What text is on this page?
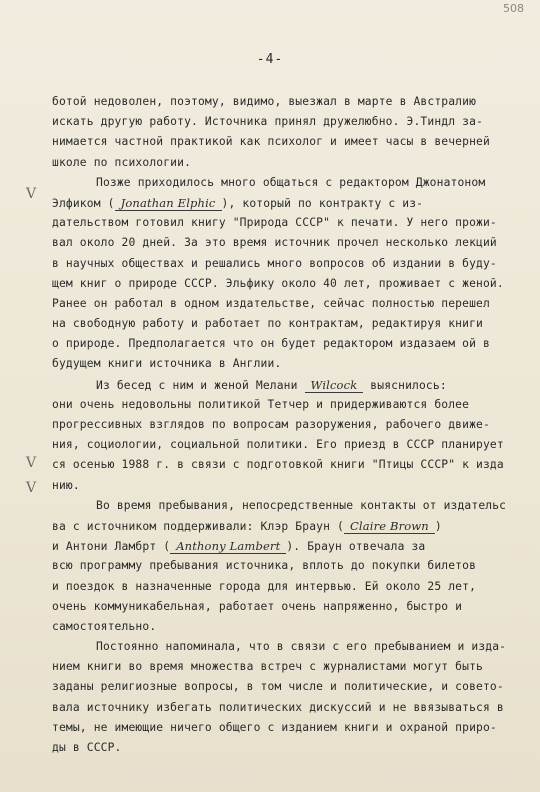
508
-4-
V
V
V
ботой недоволен, поэтому, видимо, выезжал в марте в Австралию
искать другую работу. Источника принял дружелюбно. Э.Тиндл за-
нимается частной практикой как психолог и имеет часы в вечерней
школе по психологии.
Позже приходилось много общаться с редактором Джонатоном
Элфиком ( Jonathan Elphic ), который по контракту с из-
дательством готовил книгу "Природа СССР" к печати. У него прожи-
вал около 20 дней. За это время источник прочел несколько лекций
в научных обществах и решались много вопросов об издании в буду-
щем книг о природе СССР. Эльфику около 40 лет, проживает с женой.
Ранее он работал в одном издательстве, сейчас полностью перешел
на свободную работу и работает по контрактам, редактируя книги
о природе. Предполагается что он будет редактором издазаем ой в
будущем книги источника в Англии.
Из бесед с ним и женой Мелани Wilcock выяснилось:
они очень недовольны политикой Тетчер и придерживаются более
прогрессивных взглядов по вопросам разоружения, рабочего движе-
ния, социологии, социальной политики. Его приезд в СССР планирует
ся осенью 1988 г. в связи с подготовкой книги "Птицы СССР" к изда
нию.
Во время пребывания, непосредственные контакты от издательс
ва с источником поддерживали: Клэр Браун ( Claire Brown )
и Антони Ламбрт ( Anthony Lambert ). Браун отвечала за
всю программу пребывания источника, вплоть до покупки билетов
и поездок в назначенные города для интервью. Ей около 25 лет,
очень коммуникабельная, работает очень напряженно, быстро и
самостоятельно.
Постоянно напоминала, что в связи с его пребыванием и изда-
нием книги во время множества встреч с журналистами могут быть
заданы религиозные вопросы, в том числе и политические, и совето-
вала источнику избегать политических дискуссий и не ввязываться в
темы, не имеющие ничего общего с изданием книги и охраной приро-
ды в СССР.
